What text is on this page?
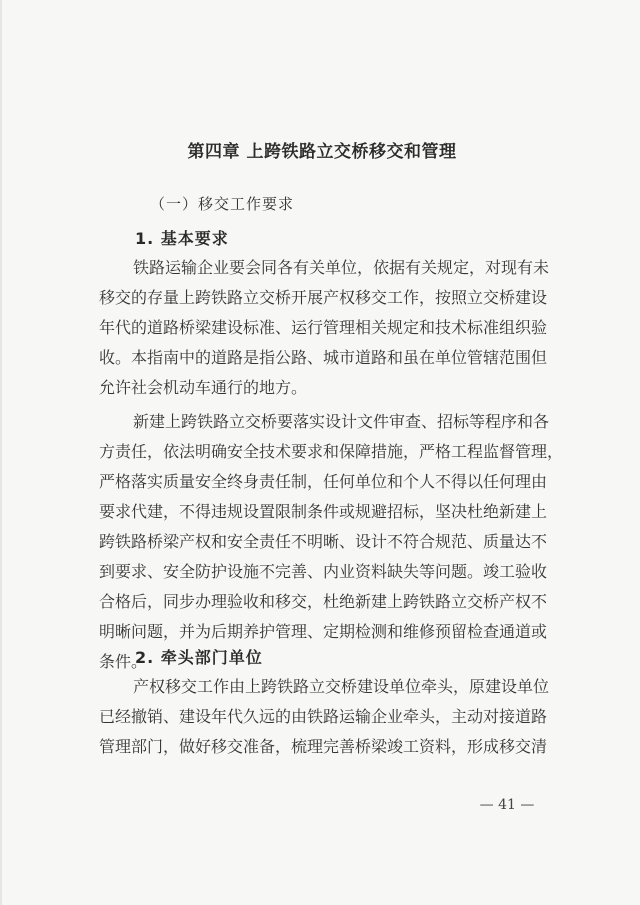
第四章 上跨铁路立交桥移交和管理
（一）移交工作要求
1. 基本要求
铁路运输企业要会同各有关单位，依据有关规定，对现有未
移交的存量上跨铁路立交桥开展产权移交工作，按照立交桥建设
年代的道路桥梁建设标准、运行管理相关规定和技术标准组织验
收。本指南中的道路是指公路、城市道路和虽在单位管辖范围但
允许社会机动车通行的地方。
新建上跨铁路立交桥要落实设计文件审查、招标等程序和各
方责任，依法明确安全技术要求和保障措施，严格工程监督管理，
严格落实质量安全终身责任制，任何单位和个人不得以任何理由
要求代建，不得违规设置限制条件或规避招标，坚决杜绝新建上
跨铁路桥梁产权和安全责任不明晰、设计不符合规范、质量达不
到要求、安全防护设施不完善、内业资料缺失等问题。竣工验收
合格后，同步办理验收和移交，杜绝新建上跨铁路立交桥产权不
明晰问题，并为后期养护管理、定期检测和维修预留检查通道或
条件。
2. 牵头部门单位
产权移交工作由上跨铁路立交桥建设单位牵头，原建设单位
已经撤销、建设年代久远的由铁路运输企业牵头，主动对接道路
管理部门，做好移交准备，梳理完善桥梁竣工资料，形成移交清
— 41 —
